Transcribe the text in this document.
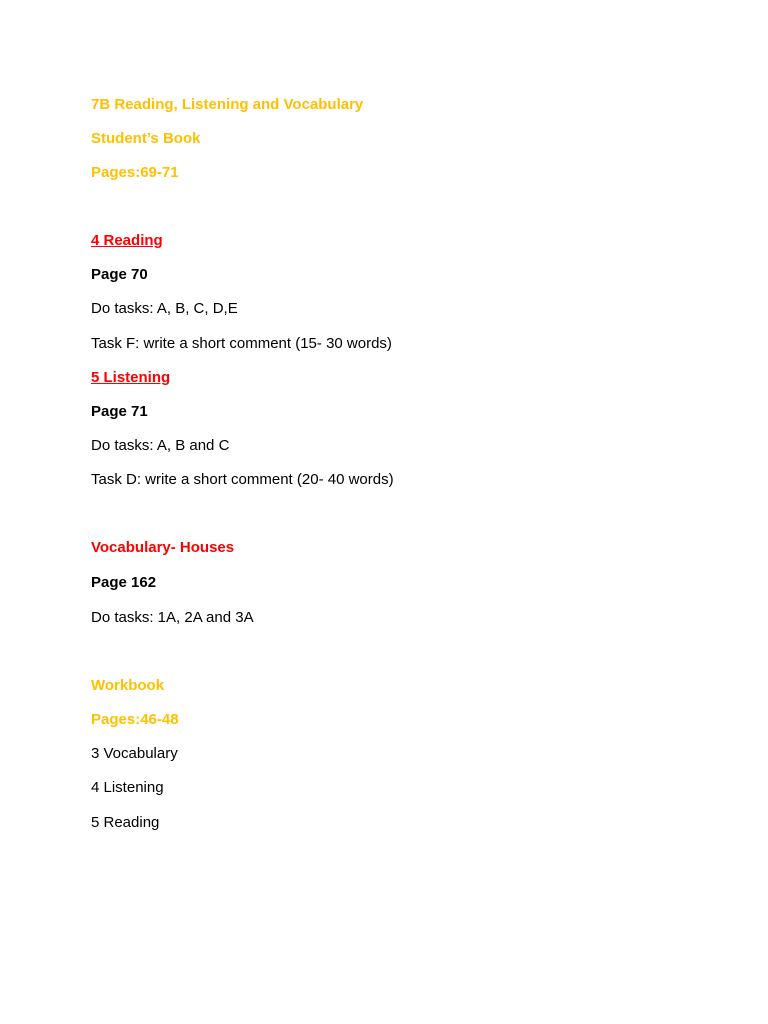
7B Reading, Listening and Vocabulary
Student’s Book
Pages:69-71
4 Reading
Page 70
Do tasks: A, B, C, D,E
Task F: write a short comment (15- 30 words)
5 Listening
Page 71
Do tasks: A, B and C
Task D: write a short comment (20- 40 words)
Vocabulary- Houses
Page 162
Do tasks: 1A, 2A and 3A
Workbook
Pages:46-48
3 Vocabulary
4 Listening
5 Reading
